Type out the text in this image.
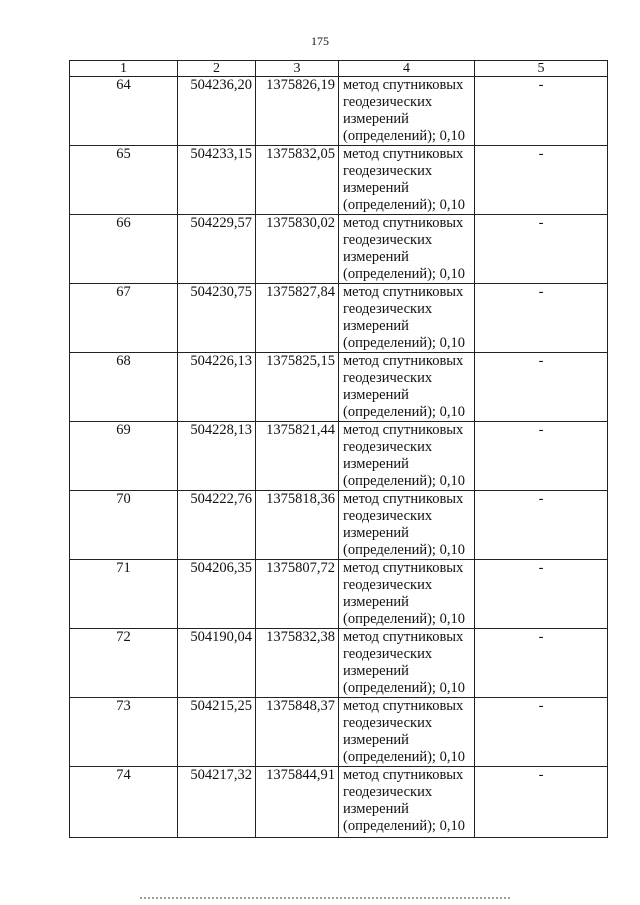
175
1	2	3	4	5
64	504236,20	1375826,19	метод спутниковых геодезических измерений (определений); 0,10	-
65	504233,15	1375832,05	метод спутниковых геодезических измерений (определений); 0,10	-
66	504229,57	1375830,02	метод спутниковых геодезических измерений (определений); 0,10	-
67	504230,75	1375827,84	метод спутниковых геодезических измерений (определений); 0,10	-
68	504226,13	1375825,15	метод спутниковых геодезических измерений (определений); 0,10	-
69	504228,13	1375821,44	метод спутниковых геодезических измерений (определений); 0,10	-
70	504222,76	1375818,36	метод спутниковых геодезических измерений (определений); 0,10	-
71	504206,35	1375807,72	метод спутниковых геодезических измерений (определений); 0,10	-
72	504190,04	1375832,38	метод спутниковых геодезических измерений (определений); 0,10	-
73	504215,25	1375848,37	метод спутниковых геодезических измерений (определений); 0,10	-
74	504217,32	1375844,91	метод спутниковых геодезических измерений (определений); 0,10	-
